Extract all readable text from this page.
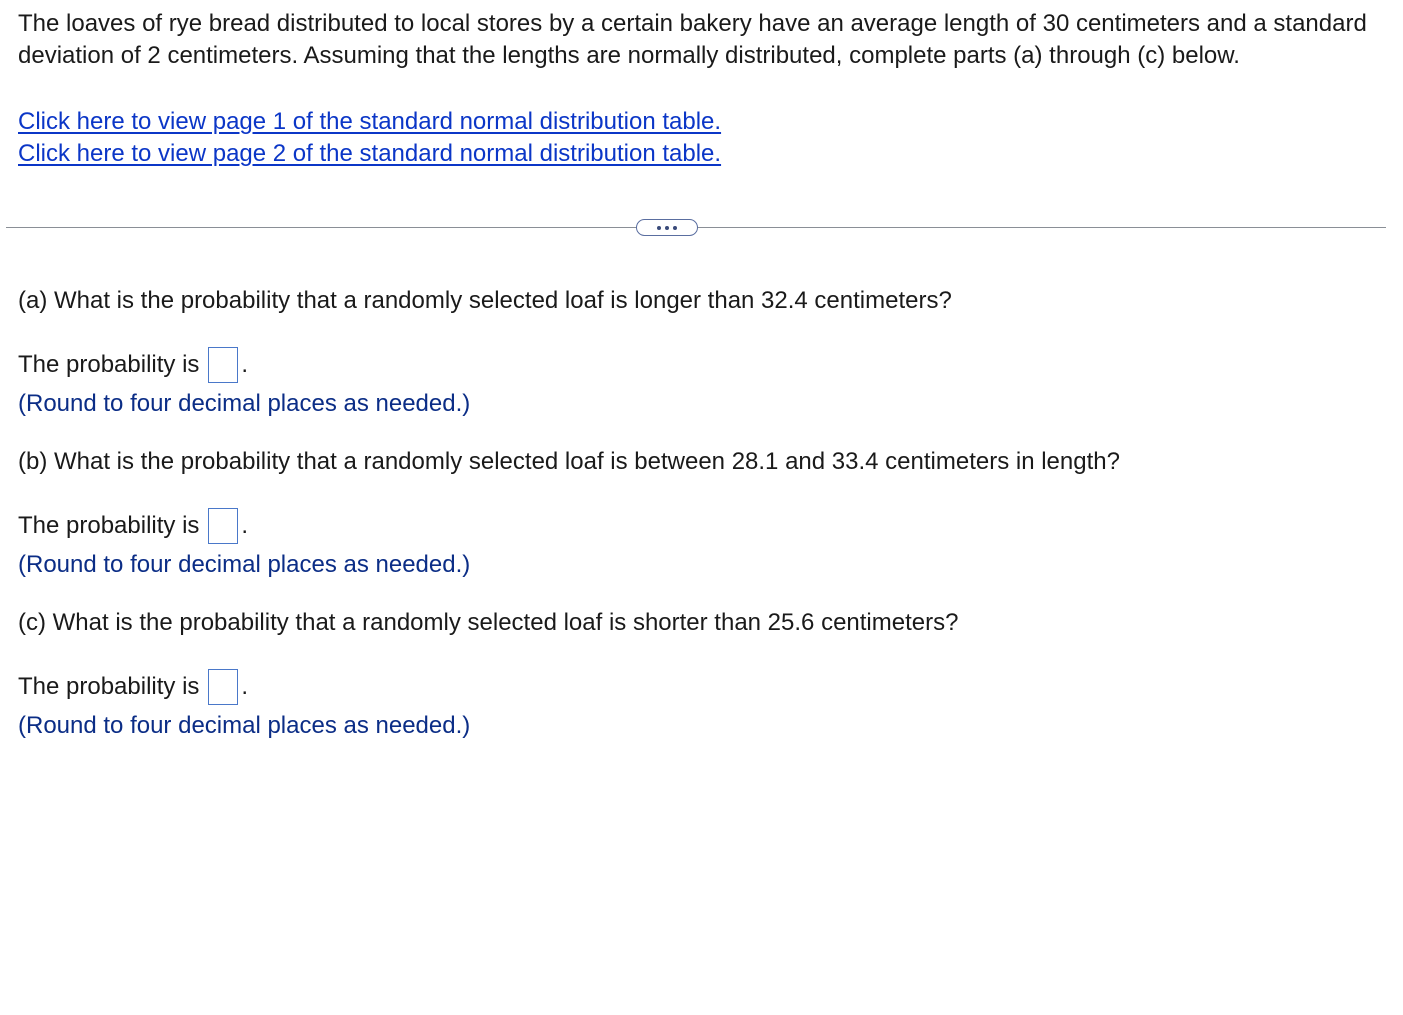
The loaves of rye bread distributed to local stores by a certain bakery have an average length of 30 centimeters and a standard deviation of 2 centimeters. Assuming that the lengths are normally distributed, complete parts (a) through (c) below.

Click here to view page 1 of the standard normal distribution table.
Click here to view page 2 of the standard normal distribution table.

(a) What is the probability that a randomly selected loaf is longer than 32.4 centimeters?

The probability is .
(Round to four decimal places as needed.)

(b) What is the probability that a randomly selected loaf is between 28.1 and 33.4 centimeters in length?

The probability is .
(Round to four decimal places as needed.)

(c) What is the probability that a randomly selected loaf is shorter than 25.6 centimeters?

The probability is .
(Round to four decimal places as needed.)
